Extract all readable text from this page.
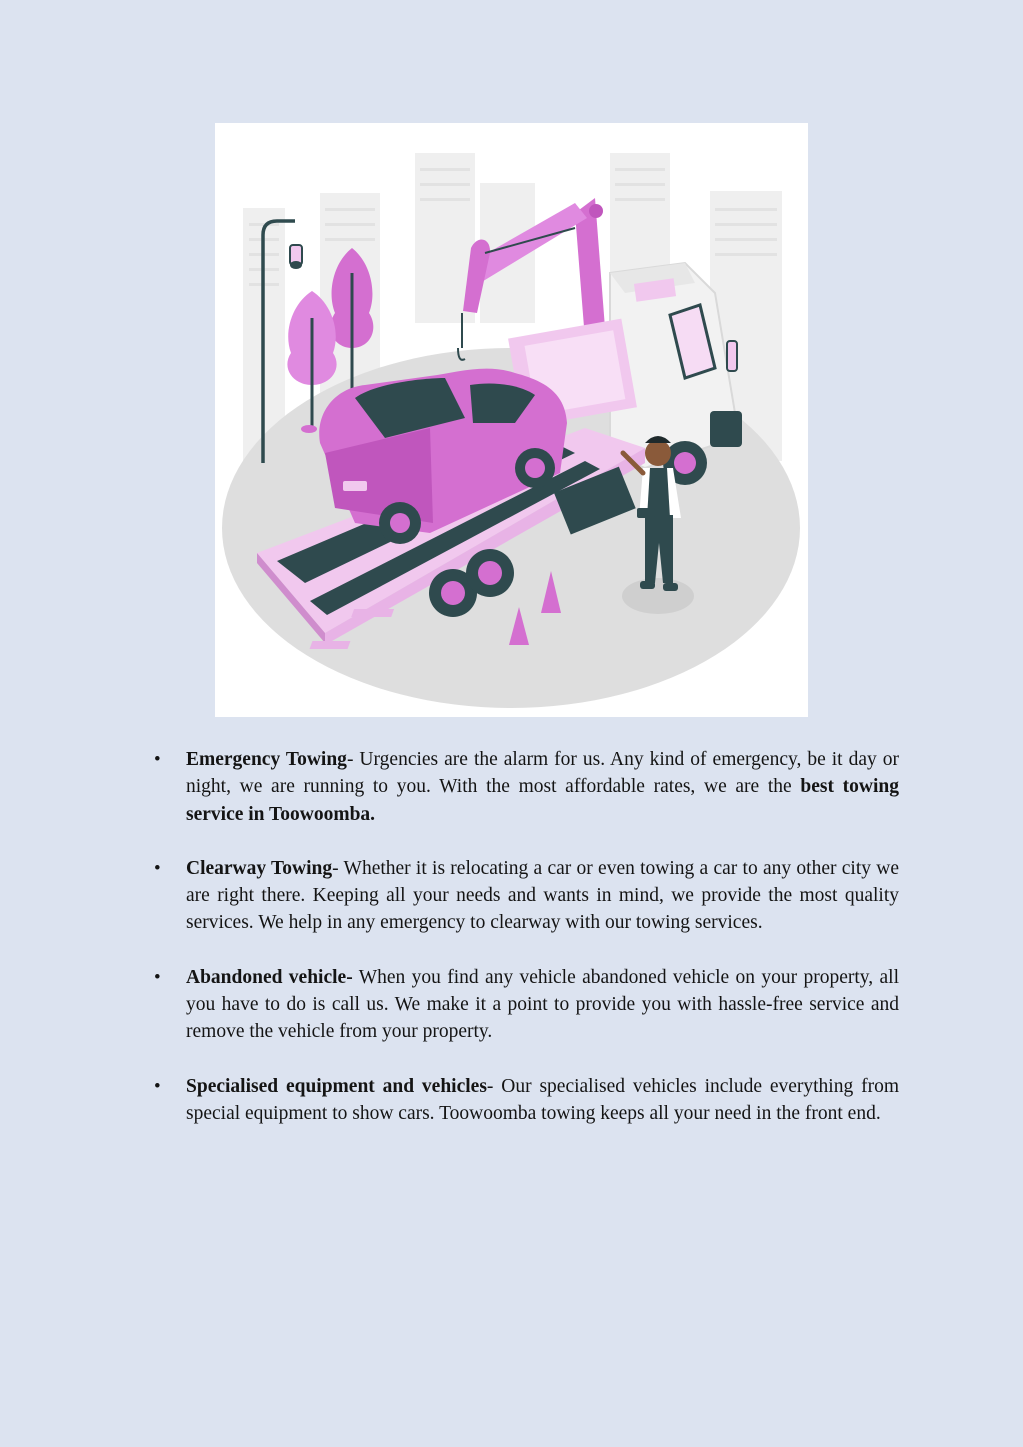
• Emergency Towing- Urgencies are the alarm for us. Any kind of emergency, be it day or night, we are running to you. With the most affordable rates, we are the best towing service in Toowoomba.
• Clearway Towing- Whether it is relocating a car or even towing a car to any other city we are right there. Keeping all your needs and wants in mind, we provide the most quality services. We help in any emergency to clearway with our towing services.
• Abandoned vehicle- When you find any vehicle abandoned vehicle on your property, all you have to do is call us. We make it a point to provide you with hassle-free service and remove the vehicle from your property.
• Specialised equipment and vehicles- Our specialised vehicles include everything from special equipment to show cars. Toowoomba towing keeps all your need in the front end.
